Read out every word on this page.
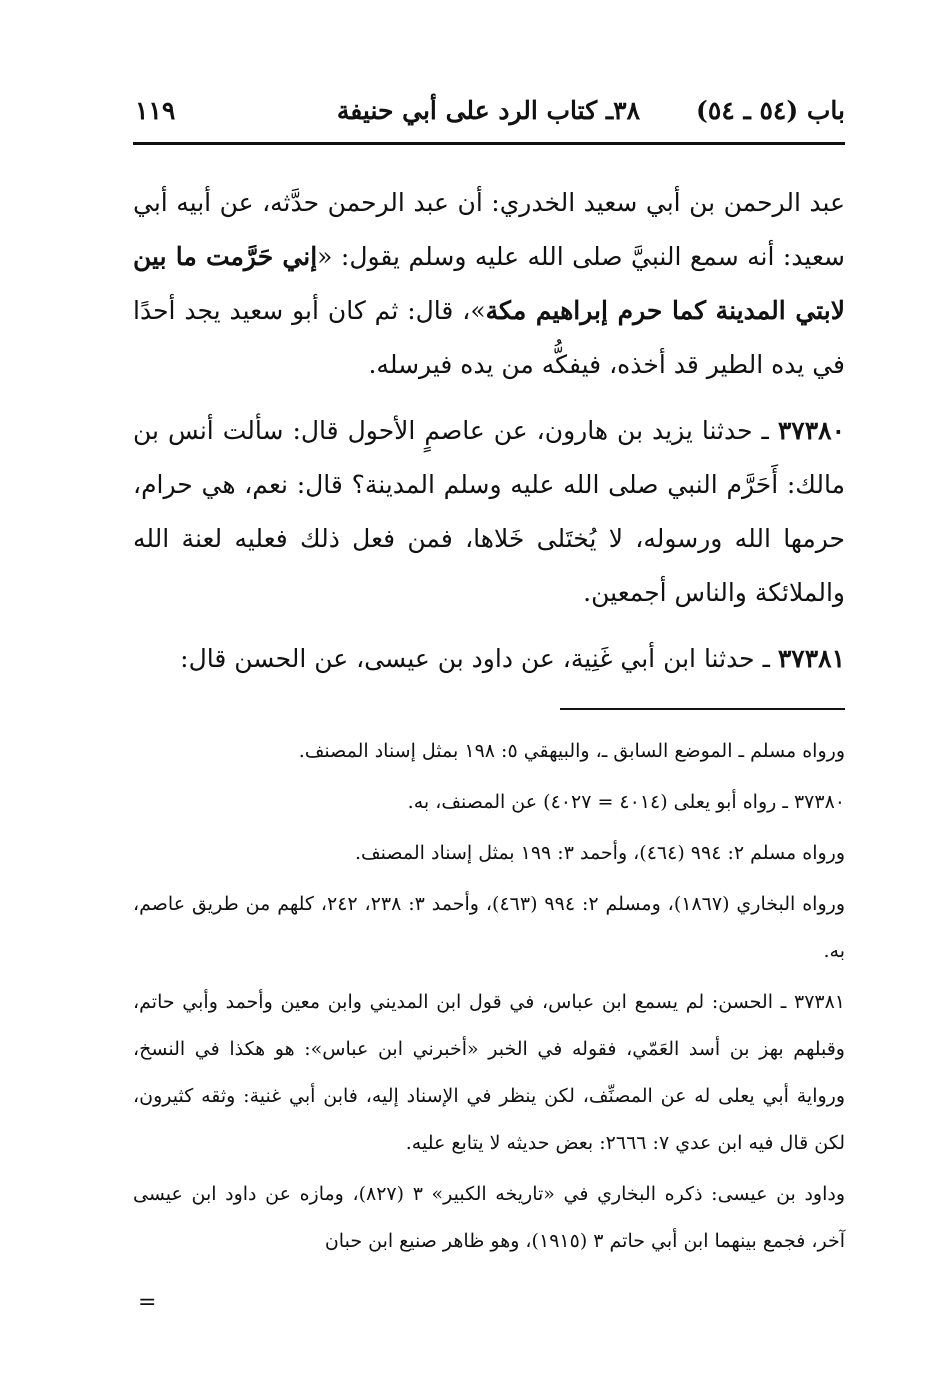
باب (٥٤ ـ ٥٤)
٣٨ـ كتاب الرد على أبي حنيفة
١١٩

عبد الرحمن بن أبي سعيد الخدري: أن عبد الرحمن حدَّثه، عن أبيه أبي سعيد: أنه سمع النبيَّ صلى الله عليه وسلم يقول: «إني حَرَّمت ما بين لابتي المدينة كما حرم إبراهيم مكة»، قال: ثم كان أبو سعيد يجد أحدًا في يده الطير قد أخذه، فيفكُّه من يده فيرسله.

٣٧٣٨٠ ـ حدثنا يزيد بن هارون، عن عاصمٍ الأحول قال: سألت أنس بن مالك: أَحَرَّم النبي صلى الله عليه وسلم المدينة؟ قال: نعم، هي حرام، حرمها الله ورسوله، لا يُختَلى خَلاها، فمن فعل ذلك فعليه لعنة الله والملائكة والناس أجمعين.

٣٧٣٨١ ـ حدثنا ابن أبي غَنِية، عن داود بن عيسى، عن الحسن قال:

ورواه مسلم ـ الموضع السابق ـ، والبيهقي ٥: ١٩٨ بمثل إسناد المصنف.

٣٧٣٨٠ ـ رواه أبو يعلى (٤٠١٤ = ٤٠٢٧) عن المصنف، به.

ورواه مسلم ٢: ٩٩٤ (٤٦٤)، وأحمد ٣: ١٩٩ بمثل إسناد المصنف.

ورواه البخاري (١٨٦٧)، ومسلم ٢: ٩٩٤ (٤٦٣)، وأحمد ٣: ٢٣٨، ٢٤٢، كلهم من طريق عاصم، به.

٣٧٣٨١ ـ الحسن: لم يسمع ابن عباس، في قول ابن المديني وابن معين وأحمد وأبي حاتم، وقبلهم بهز بن أسد العَمّي، فقوله في الخبر «أخبرني ابن عباس»: هو هكذا في النسخ، ورواية أبي يعلى له عن المصنِّف، لكن ينظر في الإسناد إليه، فابن أبي غنية: وثقه كثيرون، لكن قال فيه ابن عدي ٧: ٢٦٦٦: بعض حديثه لا يتابع عليه.

وداود بن عيسى: ذكره البخاري في «تاريخه الكبير» ٣ (٨٢٧)، ومازه عن داود ابن عيسى آخر، فجمع بينهما ابن أبي حاتم ٣ (١٩١٥)، وهو ظاهر صنيع ابن حبان

=
